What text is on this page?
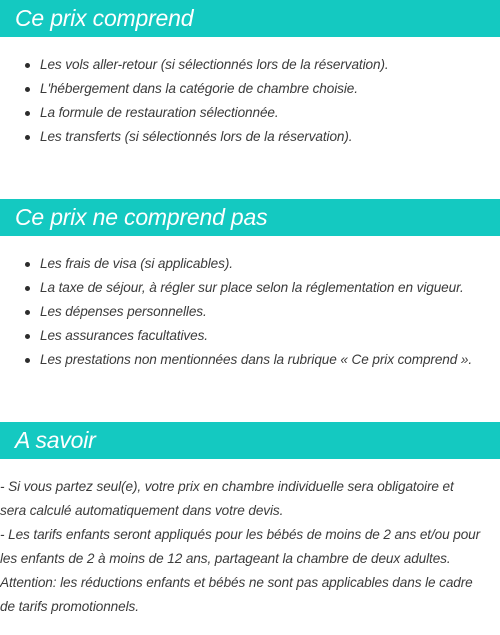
Ce prix comprend
Les vols aller-retour (si sélectionnés lors de la réservation).
L'hébergement dans la catégorie de chambre choisie.
La formule de restauration sélectionnée.
Les transferts (si sélectionnés lors de la réservation).
Ce prix ne comprend pas
Les frais de visa (si applicables).
La taxe de séjour, à régler sur place selon la réglementation en vigueur.
Les dépenses personnelles.
Les assurances facultatives.
Les prestations non mentionnées dans la rubrique « Ce prix comprend ».
A savoir
- Si vous partez seul(e), votre prix en chambre individuelle sera obligatoire et
sera calculé automatiquement dans votre devis.
- Les tarifs enfants seront appliqués pour les bébés de moins de 2 ans et/ou pour
les enfants de 2 à moins de 12 ans, partageant la chambre de deux adultes.
Attention: les réductions enfants et bébés ne sont pas applicables dans le cadre
de tarifs promotionnels.
